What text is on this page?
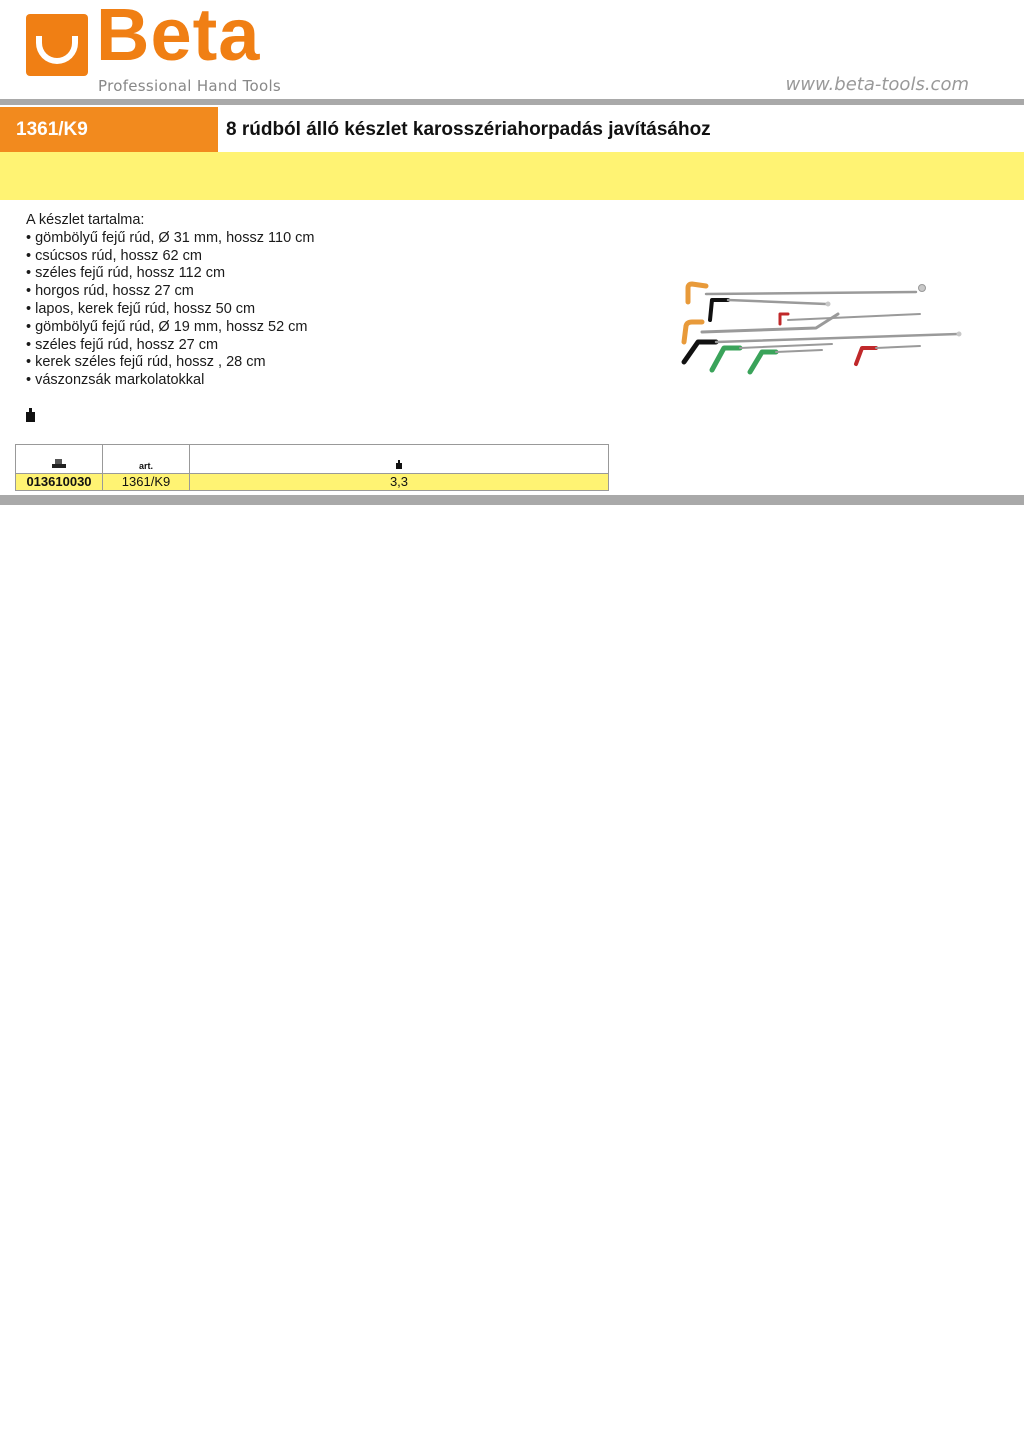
Beta
Professional Hand Tools	www.beta-tools.com
1361/K9	8 rúdból álló készlet karosszériahorpadás javításához

A készlet tartalma:

• gömbölyű fejű rúd, Ø 31 mm, hossz 110 cm
• csúcsos rúd, hossz 62 cm
• széles fejű rúd, hossz 112 cm
• horgos rúd, hossz 27 cm
• lapos, kerek fejű rúd, hossz 50 cm
• gömbölyű fejű rúd, Ø 19 mm, hossz 52 cm
• széles fejű rúd, hossz 27 cm
• kerek széles fejű rúd, hossz , 28 cm
• vászonzsák markolatokkal

art.

013610030	1361/K9	3,3
